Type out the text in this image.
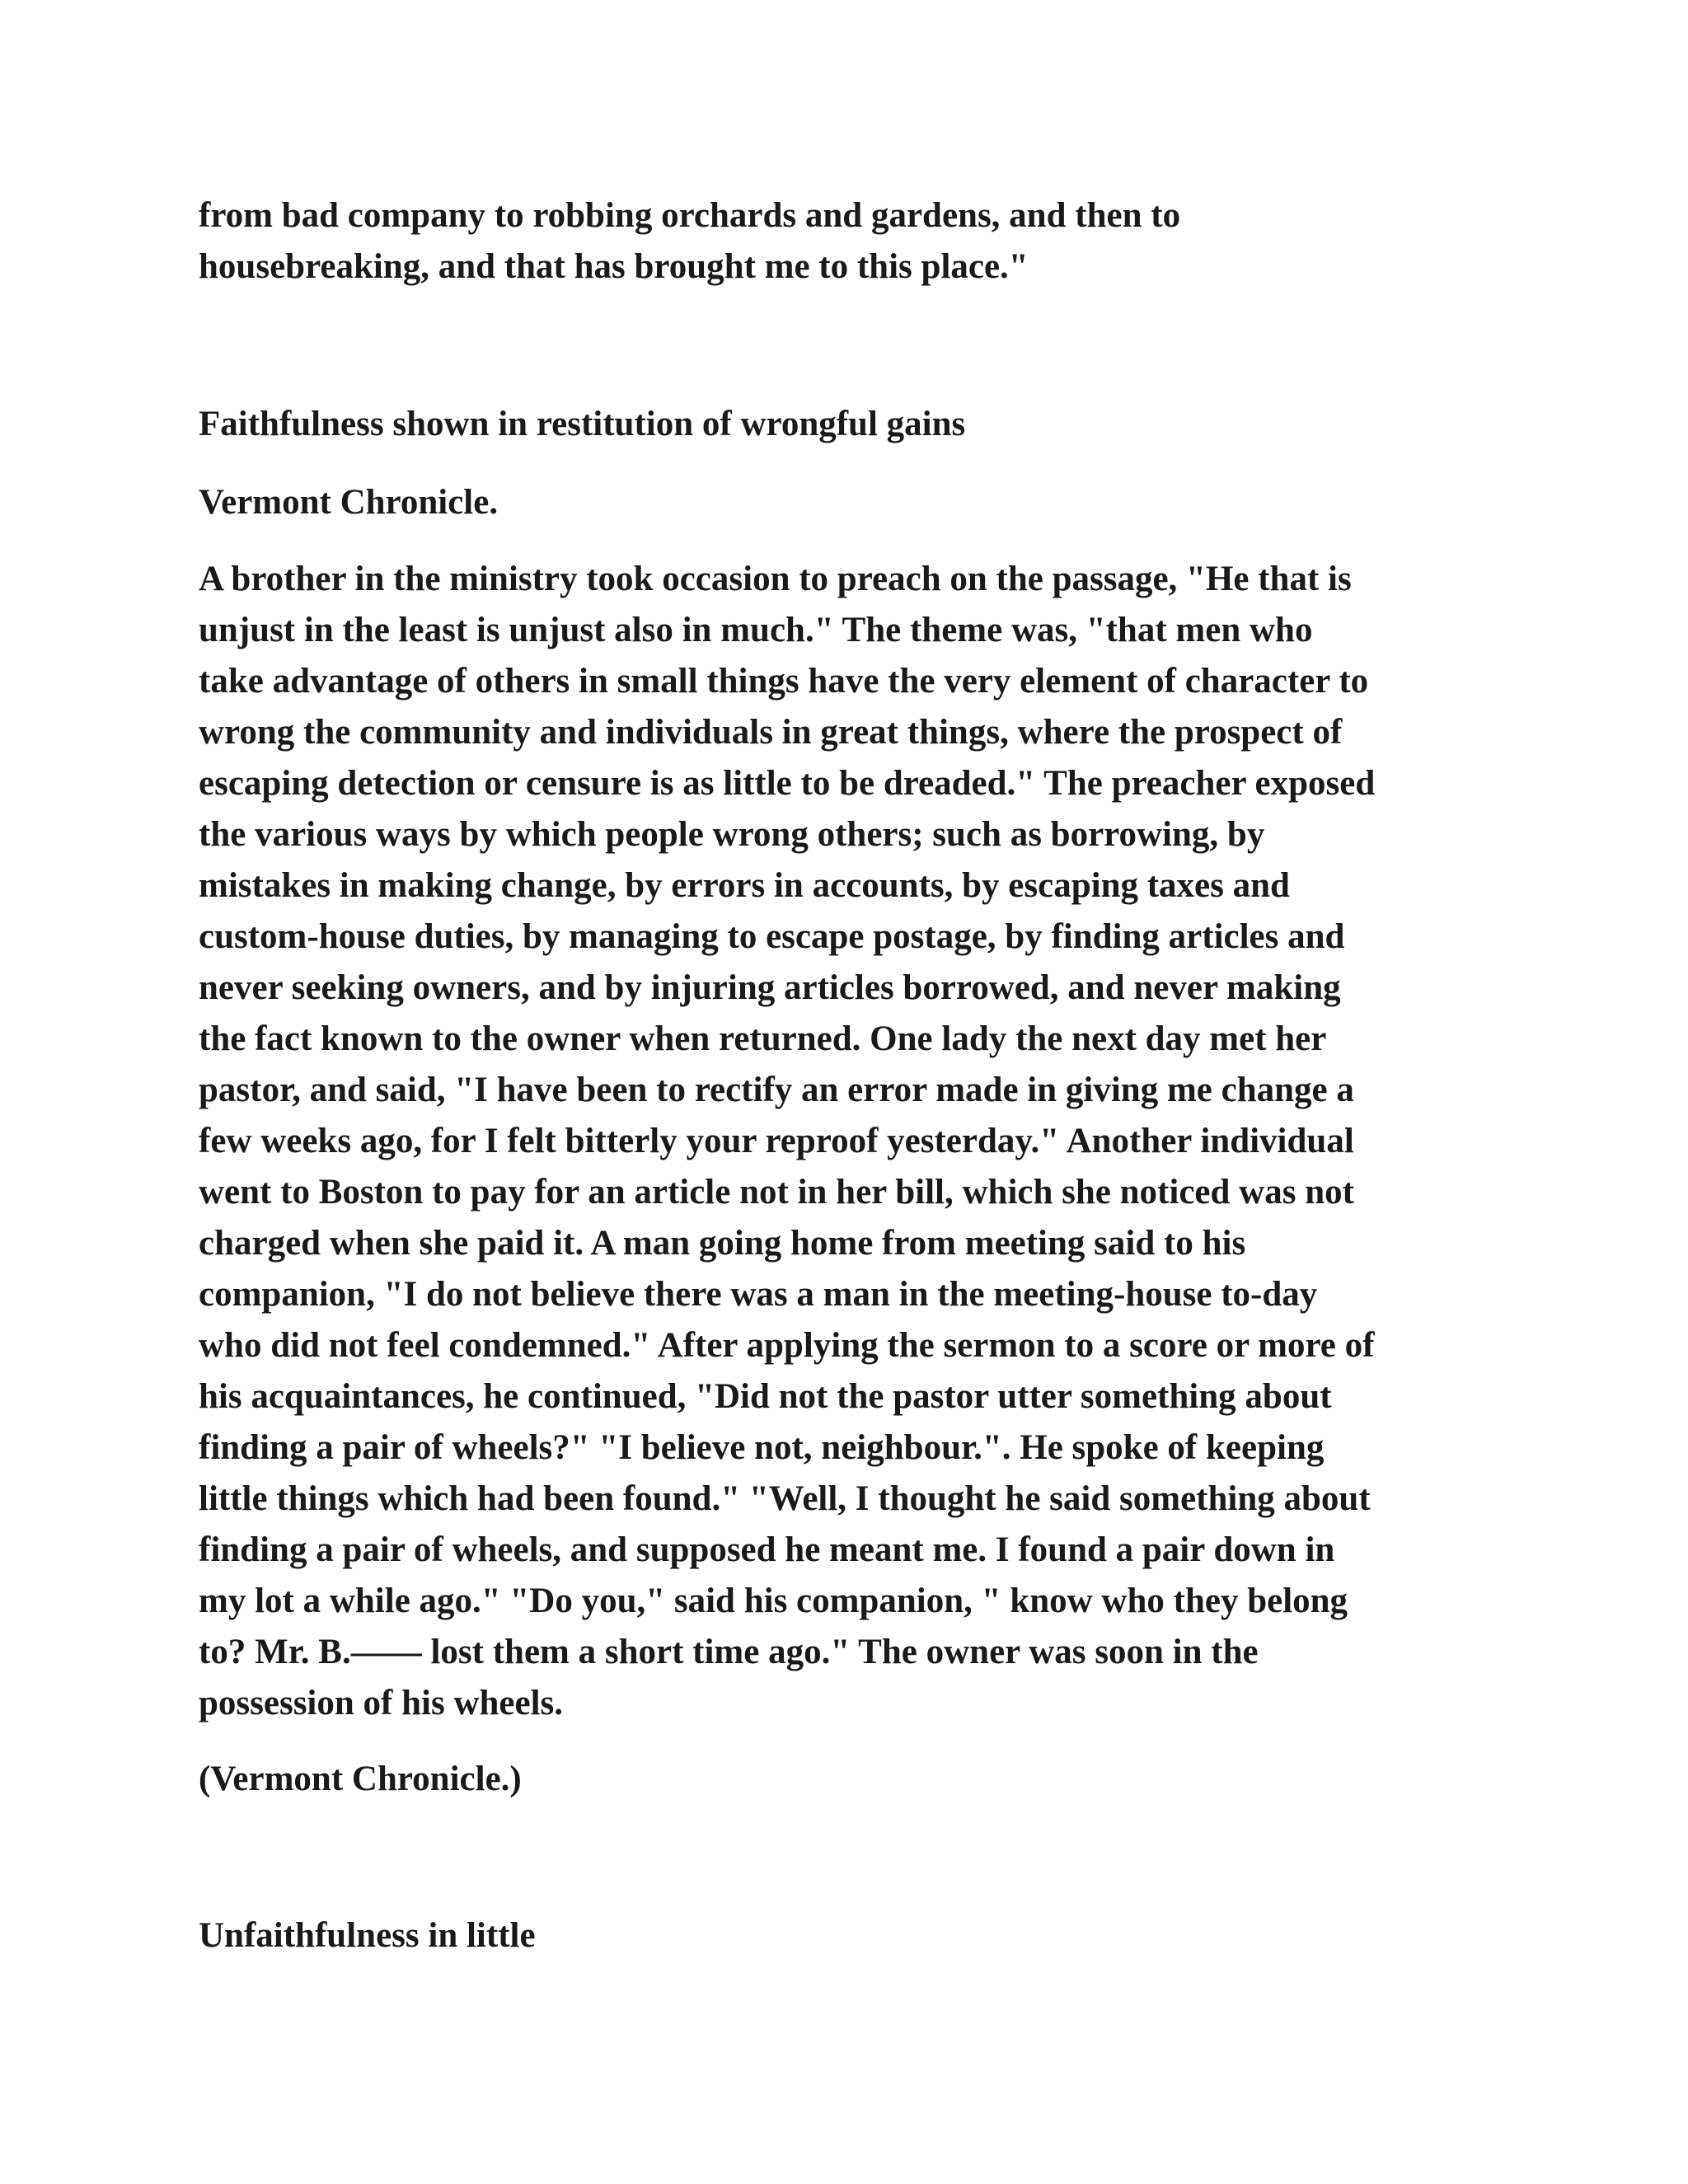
from bad company to robbing orchards and gardens, and then to
housebreaking, and that has brought me to this place."

Faithfulness shown in restitution of wrongful gains

Vermont Chronicle.

A brother in the ministry took occasion to preach on the passage, "He that is
unjust in the least is unjust also in much." The theme was, "that men who
take advantage of others in small things have the very element of character to
wrong the community and individuals in great things, where the prospect of
escaping detection or censure is as little to be dreaded." The preacher exposed
the various ways by which people wrong others; such as borrowing, by
mistakes in making change, by errors in accounts, by escaping taxes and
custom-house duties, by managing to escape postage, by finding articles and
never seeking owners, and by injuring articles borrowed, and never making
the fact known to the owner when returned. One lady the next day met her
pastor, and said, "I have been to rectify an error made in giving me change a
few weeks ago, for I felt bitterly your reproof yesterday." Another individual
went to Boston to pay for an article not in her bill, which she noticed was not
charged when she paid it. A man going home from meeting said to his
companion, "I do not believe there was a man in the meeting-house to-day
who did not feel condemned." After applying the sermon to a score or more of
his acquaintances, he continued, "Did not the pastor utter something about
finding a pair of wheels?" "I believe not, neighbour.". He spoke of keeping
little things which had been found." "Well, I thought he said something about
finding a pair of wheels, and supposed he meant me. I found a pair down in
my lot a while ago." "Do you," said his companion, " know who they belong
to? Mr. B.—— lost them a short time ago." The owner was soon in the
possession of his wheels.

(Vermont Chronicle.)

Unfaithfulness in little
